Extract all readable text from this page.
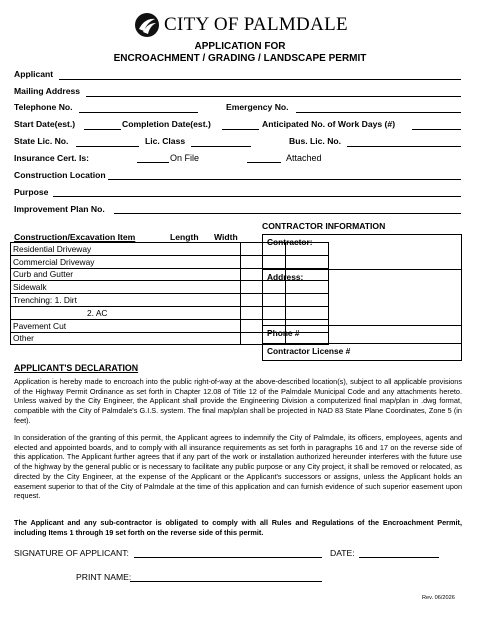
CITY OF PALMDALE
APPLICATION FOR
ENCROACHMENT / GRADING / LANDSCAPE PERMIT
Applicant
Mailing Address
Telephone No.	Emergency No.
Start Date(est.)	Completion Date(est.)	Anticipated No. of Work Days (#)
State Lic. No.	Lic. Class	Bus. Lic. No.
Insurance Cert. Is:	On File	Attached
Construction Location
Purpose
Improvement Plan No.
CONTRACTOR INFORMATION
Construction/Excavation Item	Length Width
Residential Driveway		
Commercial Driveway		
Curb and Gutter		
Sidewalk		
Trenching: 1. Dirt		
2. AC		
Pavement Cut		
Other		
Contractor:
Address:
Phone #
Contractor License #
APPLICANT'S DECLARATION

Application is hereby made to encroach into the public right-of-way at the above-described location(s), subject to all applicable provisions of the Highway Permit Ordinance as set forth in Chapter 12.08 of Title 12 of the Palmdale Municipal Code and any attachments hereto. Unless waived by the City Engineer, the Applicant shall provide the Engineering Division a computerized final map/plan in .dwg format, compatible with the City of Palmdale's G.I.S. system. The final map/plan shall be projected in NAD 83 State Plane Coordinates, Zone 5 (in feet).

In consideration of the granting of this permit, the Applicant agrees to indemnify the City of Palmdale, its officers, employees, agents and elected and appointed boards, and to comply with all insurance requirements as set forth in paragraphs 16 and 17 on the reverse side of this application. The Applicant further agrees that if any part of the work or installation authorized hereunder interferes with the future use of the highway by the general public or is necessary to facilitate any public purpose or any City project, it shall be removed or relocated, as directed by the City Engineer, at the expense of the Applicant or the Applicant's successors or assigns, unless the Applicant holds an easement superior to that of the City of Palmdale at the time of this application and can furnish evidence of such superior easement upon request.

The Applicant and any sub-contractor is obligated to comply with all Rules and Regulations of the Encroachment Permit, including Items 1 through 19 set forth on the reverse side of this permit.

SIGNATURE OF APPLICANT:	DATE:
PRINT NAME:
Rev. 06/2026
